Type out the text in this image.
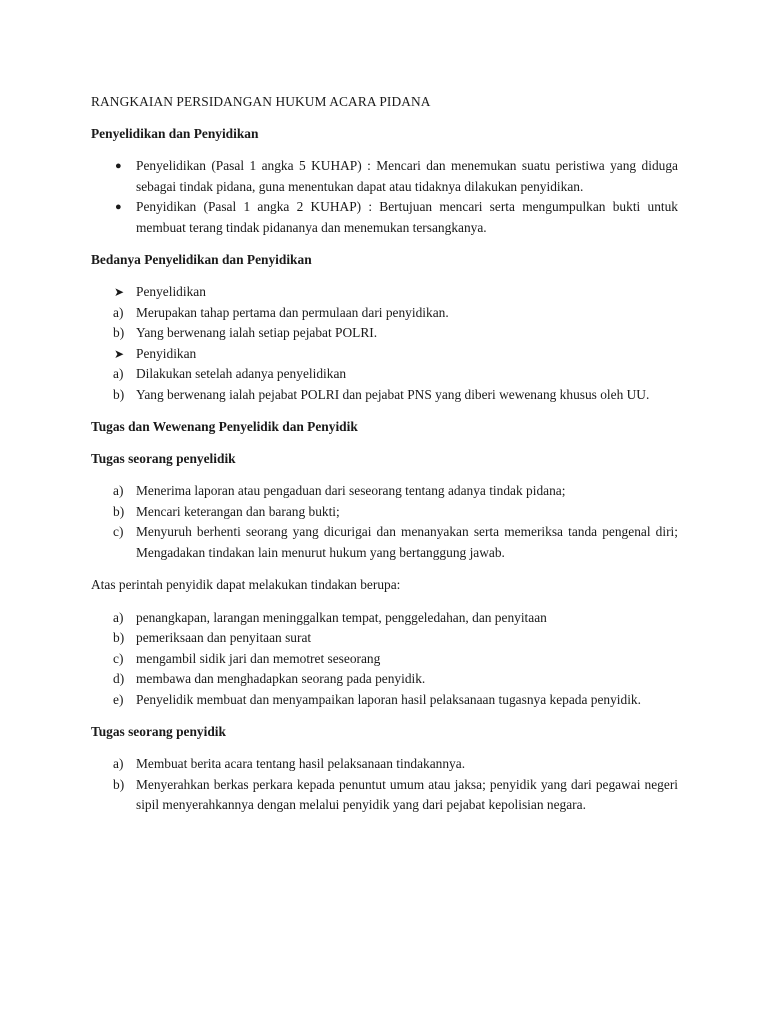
RANGKAIAN PERSIDANGAN HUKUM ACARA PIDANA
Penyelidikan dan Penyidikan
● Penyelidikan (Pasal 1 angka 5 KUHAP) : Mencari dan menemukan suatu peristiwa yang diduga sebagai tindak pidana, guna menentukan dapat atau tidaknya dilakukan penyidikan.
● Penyidikan (Pasal 1 angka 2 KUHAP) : Bertujuan mencari serta mengumpulkan bukti untuk membuat terang tindak pidananya dan menemukan tersangkanya.
Bedanya Penyelidikan dan Penyidikan
➤ Penyelidikan
a) Merupakan tahap pertama dan permulaan dari penyidikan.
b) Yang berwenang ialah setiap pejabat POLRI.
➤ Penyidikan
a) Dilakukan setelah adanya penyelidikan
b) Yang berwenang ialah pejabat POLRI dan pejabat PNS yang diberi wewenang khusus oleh UU.
Tugas dan Wewenang Penyelidik dan Penyidik
Tugas seorang penyelidik
a) Menerima laporan atau pengaduan dari seseorang tentang adanya tindak pidana;
b) Mencari keterangan dan barang bukti;
c) Menyuruh berhenti seorang yang dicurigai dan menanyakan serta memeriksa tanda pengenal diri; Mengadakan tindakan lain menurut hukum yang bertanggung jawab.

Atas perintah penyidik dapat melakukan tindakan berupa:

a) penangkapan, larangan meninggalkan tempat, penggeledahan, dan penyitaan
b) pemeriksaan dan penyitaan surat
c) mengambil sidik jari dan memotret seseorang
d) membawa dan menghadapkan seorang pada penyidik.
e) Penyelidik membuat dan menyampaikan laporan hasil pelaksanaan tugasnya kepada penyidik.
Tugas seorang penyidik
a) Membuat berita acara tentang hasil pelaksanaan tindakannya.
b) Menyerahkan berkas perkara kepada penuntut umum atau jaksa; penyidik yang dari pegawai negeri sipil menyerahkannya dengan melalui penyidik yang dari pejabat kepolisian negara.
